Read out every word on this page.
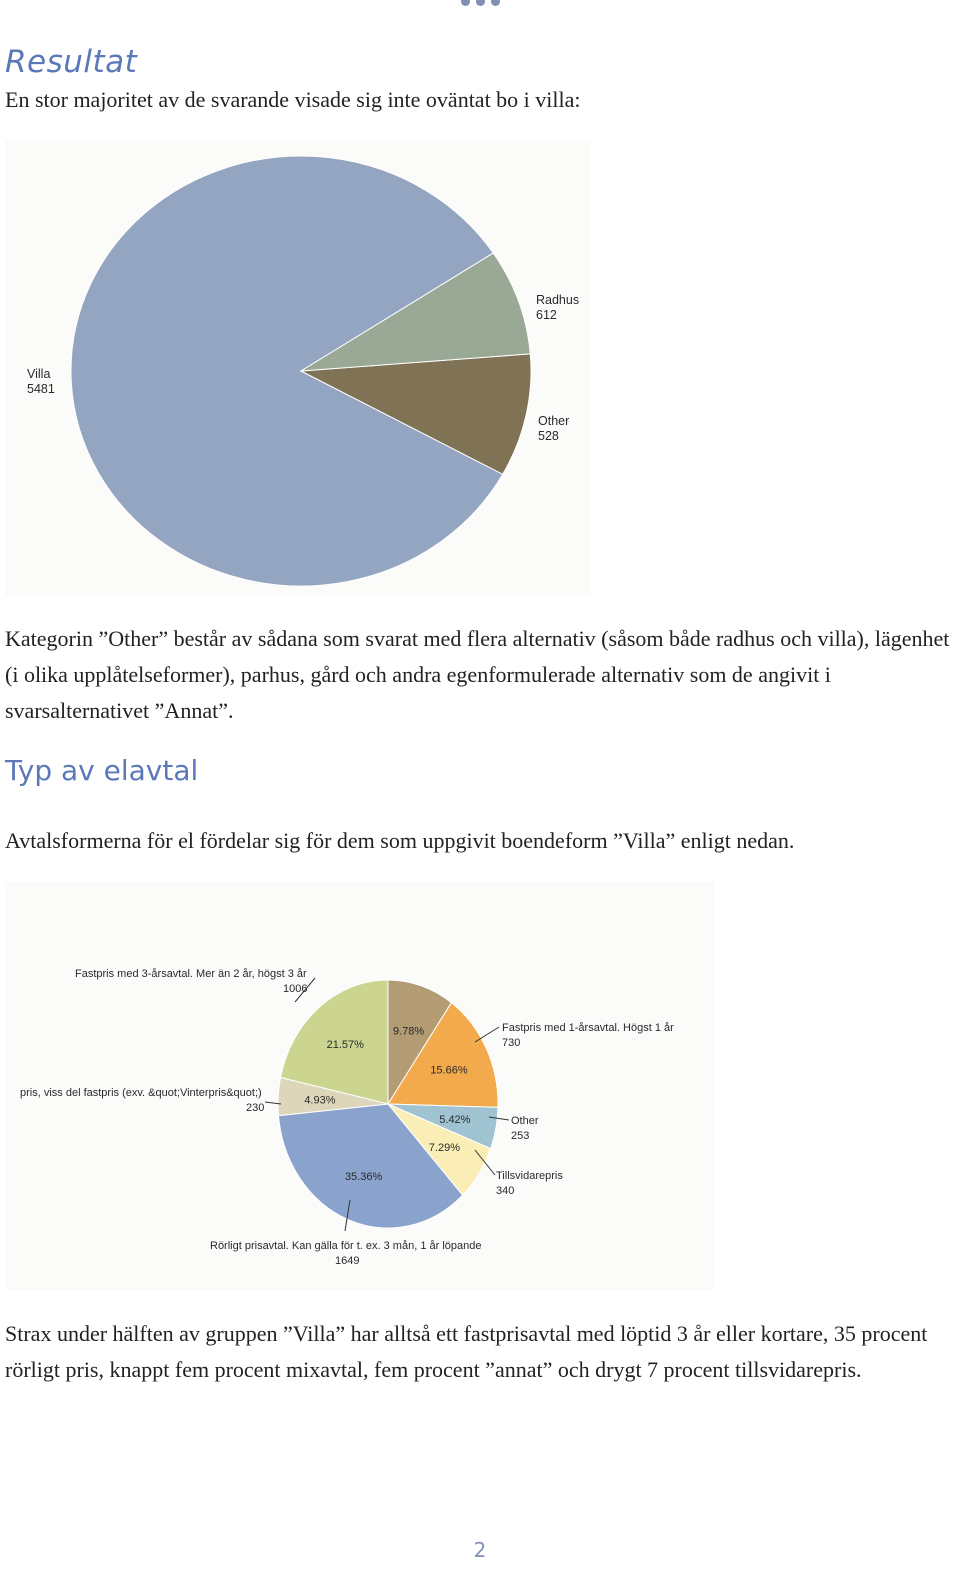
Resultat

En stor majoritet av de svarande visade sig inte oväntat bo i villa:

Villa
5481
Radhus
612
Other
528

Kategorin ”Other” består av sådana som svarat med flera alternativ (såsom både radhus och villa), lägenhet (i olika upplåtelseformer), parhus, gård och andra egenformulerade alternativ som de angivit i svarsalternativet ”Annat”.

Typ av elavtal

Avtalsformerna för el fördelar sig för dem som uppgivit boendeform ”Villa” enligt nedan.

21.57%
9.78%
15.66%
5.42%
7.29%
35.36%
4.93%
Fastpris med 3-årsavtal. Mer än 2 år, högst 3 år
1006
Fastpris med 1-årsavtal. Högst 1 år
730
Other
253
Tillsvidarepris
340
Rörligt prisavtal. Kan gälla för t. ex. 3 mån, 1 år löpande
1649
pris, viss del fastpris (exv. &quot;Vinterpris&quot;)
230

Strax under hälften av gruppen ”Villa” har alltså ett fastprisavtal med löptid 3 år eller kortare, 35 procent rörligt pris, knappt fem procent mixavtal, fem procent ”annat” och drygt 7 procent tillsvidarepris.

2
